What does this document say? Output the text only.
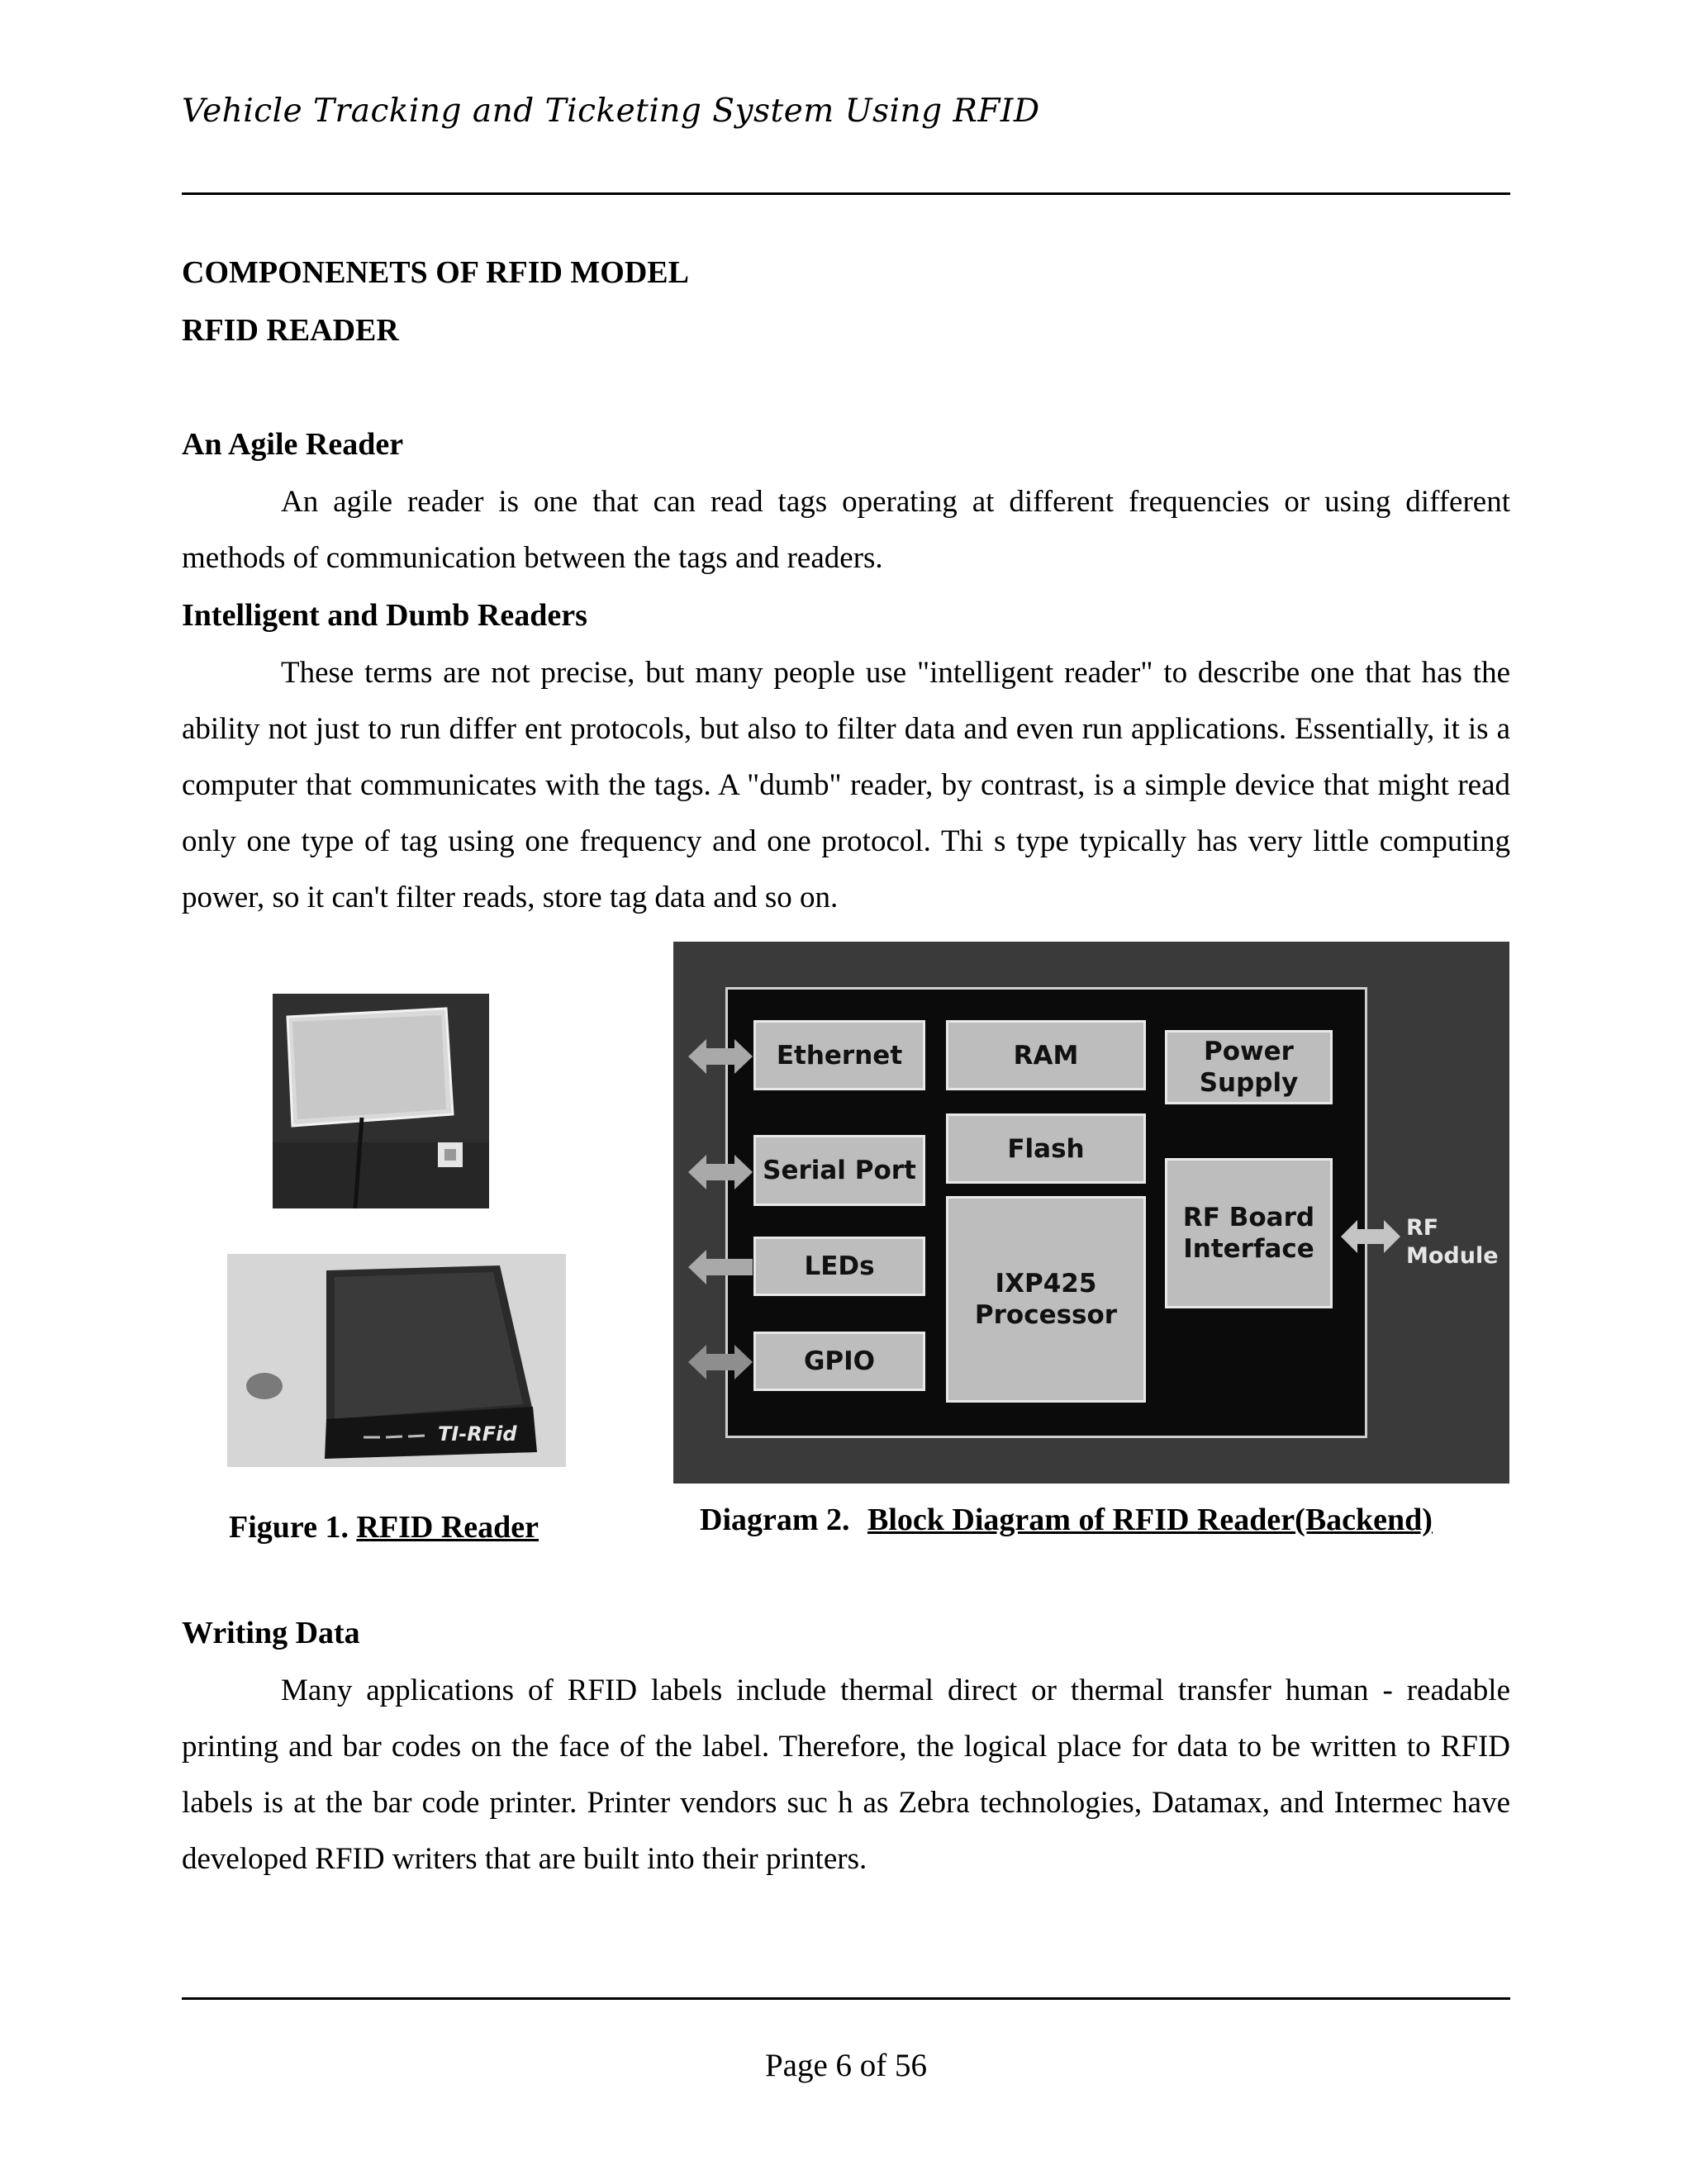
Vehicle Tracking and Ticketing System Using RFID
COMPONENETS OF RFID MODEL
RFID READER
An Agile Reader

An agile reader is one that can read tags operating at different frequencies or using different methods of communication between the tags and readers.

Intelligent and Dumb Readers

These terms are not precise, but many people use "intelligent reader" to describe one that has the ability not just to run differ ent protocols, but also to filter data and even run applications. Essentially, it is a computer that communicates with the tags. A "dumb" reader, by contrast, is a simple device that might read only one type of tag using one frequency and one protocol. Thi s type typically has very little computing power, so it can't filter reads, store tag data and so on.

TI-RFid
Figure 1. RFID Reader
Ethernet	RAM	Power
Supply
Serial Port
Flash
RF Board
Interface
LEDs
IXP425
Processor
GPIO
RF
Module
Diagram 2. Block Diagram of RFID Reader(Backend)
Writing Data

Many applications of RFID labels include thermal direct or thermal transfer human - readable printing and bar codes on the face of the label. Therefore, the logical place for data to be written to RFID labels is at the bar code printer. Printer vendors suc h as Zebra technologies, Datamax, and Intermec have developed RFID writers that are built into their printers.

Page 6 of 56
